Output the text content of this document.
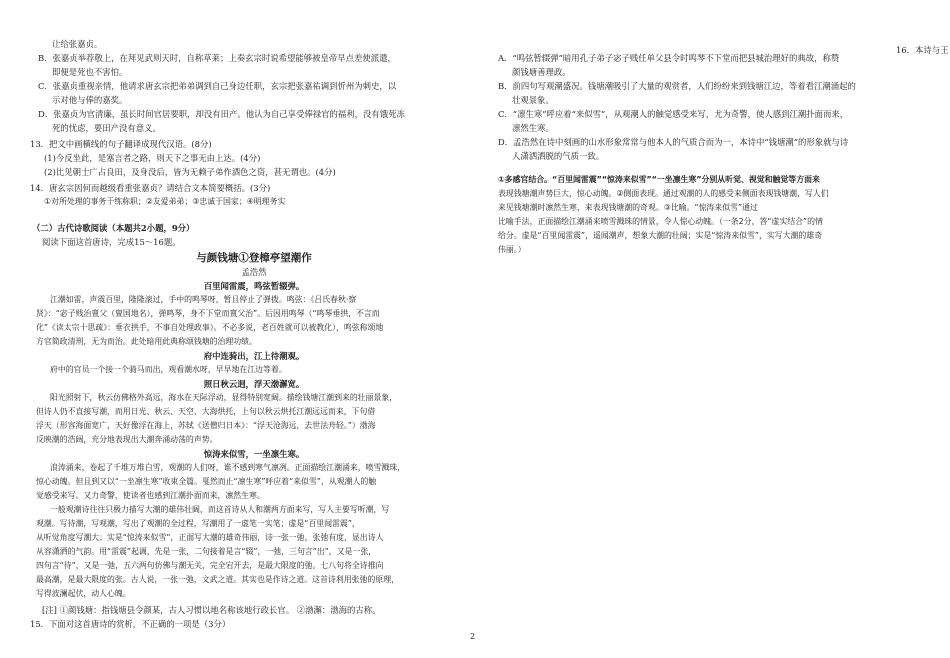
让给张嘉贞。
B．张嘉贞举荐敬上，在拜见武则天时，自称草莱；上奏玄宗时说希望能够被皇帝早点差使派遣，
即便是死也不害怕。
C．张嘉贞重视亲情，他请求唐玄宗把弟弟调到自己身边任职，玄宗把张嘉祐调到忻州为刺史，以
示对他与俸的嘉奖。
D．张嘉贞为官清廉，虽长时间官居要职，却没有田产。他认为自己享受俸禄官的福利，没有饿死冻
死的忧虑，要田产没有意义。
13．把文中画横线的句子翻译成现代汉语。(8分)
(1)今反坐此，是塞言者之路，则天下之事无由上达。(4分)
(2)比见朝士广占良田，及身没后，皆为无赖子弟作酒色之资，甚无谓也。(4分)
14．唐玄宗因何而越级看重张嘉贞？请结合文本简要概括。(3分)
①对所处理的事务干练称职；②友爱弟弟；③忠诚于国家；④明理务实
（二）古代诗歌阅读（本题共2小题，9分）
阅读下面这首唐诗，完成15～16题。
与颜钱塘①登樟亭望潮作
孟浩然
百里闻雷震，鸣弦暂辍弹。
江潮如雷，声震百里，隆隆滚过，手中的鸣琴呀，暂且停止了弹拨。鸣弦：《吕氏春秋·察
贤》：“宓子贱治亶父（亶国地名），弹鸣琴，身不下堂而亶父治”。后因用鸣琴（“鸣琴垂拱，不言而
化”《读太宗十思疏》：垂衣拱手，不事自处理政事）。不必多说，老百姓就可以被教化），鸣弦称颂地
方官简政清刑，无为而治。此处暗用此典称颂钱塘的治理功绩。
府中连骑出，江上待潮观。
府中的官员一个接一个骑马而出，观看潮水呀，早早地在江边等着。
照日秋云迥，浮天渤澥宽。
阳光照射下，秋云仿佛格外高远，海水在天际浮动，显得特别宽阔。描绘钱塘江潮到来的壮丽景象，
但诗人仍不直接写潮，而用日光、秋云、天空、大海烘托，上句以秋云烘托江潮远远而来，下句借
浮天（形容海面宽广，天好像浮在海上，苏轼《送僧归日本》：“浮天沧海远，去世法舟轻。”）渤海
反映潮的浩阔，充分地表现出大潮奔涌动荡的声势。
惊涛来似雪，一坐凛生寒。
浪涛涌来，卷起了千堆万堆白雪，观潮的人们呀，谁不感到寒气凛冽。正面描绘江潮涌来，喷雪溅珠，
惊心动魄。但且到又以“一坐凛生寒”收束全篇。戛然而止“凛生寒”呼应着“来似雪”，从观潮人的触
觉感受来写。又力奇警，使读者也感到江潮扑面而来，凛然生寒。
一般观潮诗往往只极力描写大潮的雄伟壮阔，而这首诗从人和潮两方面来写，写人主要写听潮，写
观潮。写待潮，写观潮，写出了观潮的全过程，写潮用了一虚笔一实笔；虚是“百里闻雷震”，
从听觉角度写潮大；实是“惊涛来似雪”，正面写大潮的雄奇伟丽，诗一张一弛，张弛有度，显出诗人
从容潇洒的气韵。用“雷震”起调，先是一张，二句接着是言“辍”，一弛，三句言“出”，又是一张，
四句言“待”，又是一弛，五六两句仿佛与潮无关，完全宕开去，是最大限度的弛。七八句将全诗推向
最高潮，是最大限度的张。古人说，一张一弛，文武之道。其实也是作诗之道。这首诗利用张弛的原理，
写得波澜起伏，动人心魄。
[注] ①颜钱塘：指钱塘县令颜某，古人习惯以地名称该地行政长官。 ②渤澥：渤海的古称。
15．下面对这首唐诗的赏析，不正确的一项是（3分）
A．“鸣弦暂辍弹”暗用孔子弟子宓子贱任单父县令时鸣琴不下堂而把县城治理好的典故，称赞
颜钱塘善理政。
B．前四句写观潮盛况。钱塘潮吸引了大量的观赏者，人们纷纷来到钱塘江边，等着看江潮涌起的
壮观景象。
C．“凛生寒”呼应着“来似雪”，从观潮人的触觉感受来写，尤为奇警，使人感到江潮扑面而来，
凛然生寒。
D．孟浩然在诗中刻画的山水形象常常与他本人的气质合而为一，本诗中“钱塘潮”的形象就与诗
人潇洒洒脱的气质一致。
①多感官结合。“百里闻雷震”“惊涛来似雪”“一坐凛生寒”分别从听觉、视觉和触觉等方面来
表现钱塘潮声势巨大，惊心动魄。②侧面表现。通过观潮的人的感受来侧面表现钱塘潮，写人们
来见钱塘潮时凛然生寒，来表现钱塘潮的奇观。③比喻。“惊涛来似雪”通过
比喻手法，正面描绘江潮涌来喷雪溅珠的情景，令人惊心动魄。（一条2分，答“虚实结合”的情
给分。虚是“百里闻雷震”，遥闻潮声，想象大潮的壮阔；实是“惊涛来似雪”，实写大潮的雄奇
伟丽。）
16．本诗与王
2
